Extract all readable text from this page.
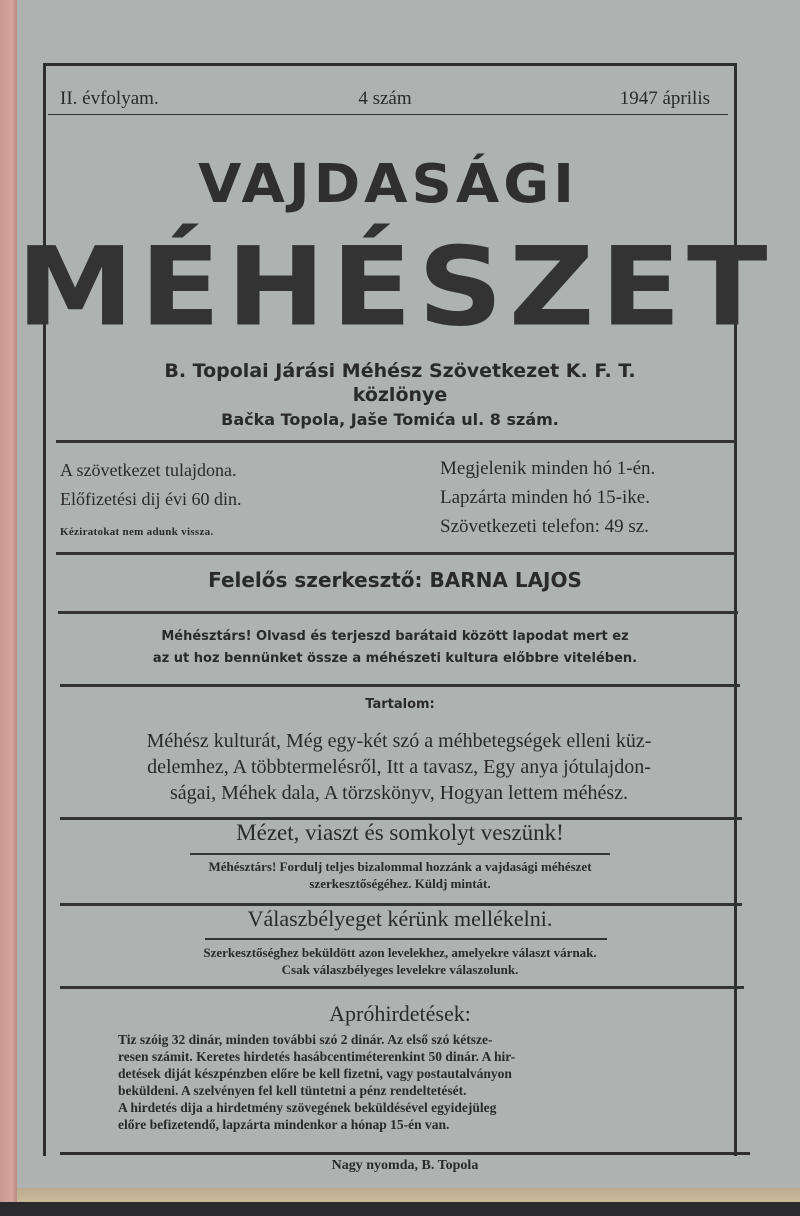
II. évfolyam.	4 szám	1947 április
VAJDASÁGI
MÉHÉSZET
B. Topolai Járási Méhész Szövetkezet K. F. T.
közlönye
Bačka Topola, Jaše Tomića ul. 8 szám.
A szövetkezet tulajdona.
Előfizetési dij évi 60 din.
Kéziratokat nem adunk vissza.
Megjelenik minden hó 1-én.
Lapzárta minden hó 15-ike.
Szövetkezeti telefon: 49 sz.
Felelős szerkesztő: BARNA LAJOS
Méhésztárs! Olvasd és terjeszd barátaid között lapodat mert ez
az ut hoz bennünket össze a méhészeti kultura előbbre vitelében.
Tartalom:
Méhész kulturát, Még egy-két szó a méhbetegségek elleni küz-
delemhez, A többtermelésről, Itt a tavasz, Egy anya jótulajdon-
ságai, Méhek dala, A törzskönyv, Hogyan lettem méhész.
Mézet, viaszt és somkolyt veszünk!
Méhésztárs! Fordulj teljes bizalommal hozzánk a vajdasági méhészet
szerkesztőségéhez. Küldj mintát.
Válaszbélyeget kérünk mellékelni.
Szerkesztőséghez beküldött azon levelekhez, amelyekre választ várnak.
Csak válaszbélyeges levelekre válaszolunk.
Apróhirdetések:
Tiz szóig 32 dinár, minden további szó 2 dinár. Az első szó kétsze-
resen számit. Keretes hirdetés hasábcentiméterenkint 50 dinár. A hir-
detések diját készpénzben előre be kell fizetni, vagy postautalványon
beküldeni. A szelvényen fel kell tüntetni a pénz rendeltetését.
A hirdetés dija a hirdetmény szövegének beküldésével egyidejüleg
előre befizetendő, lapzárta mindenkor a hónap 15-én van.
Nagy nyomda, B. Topola
